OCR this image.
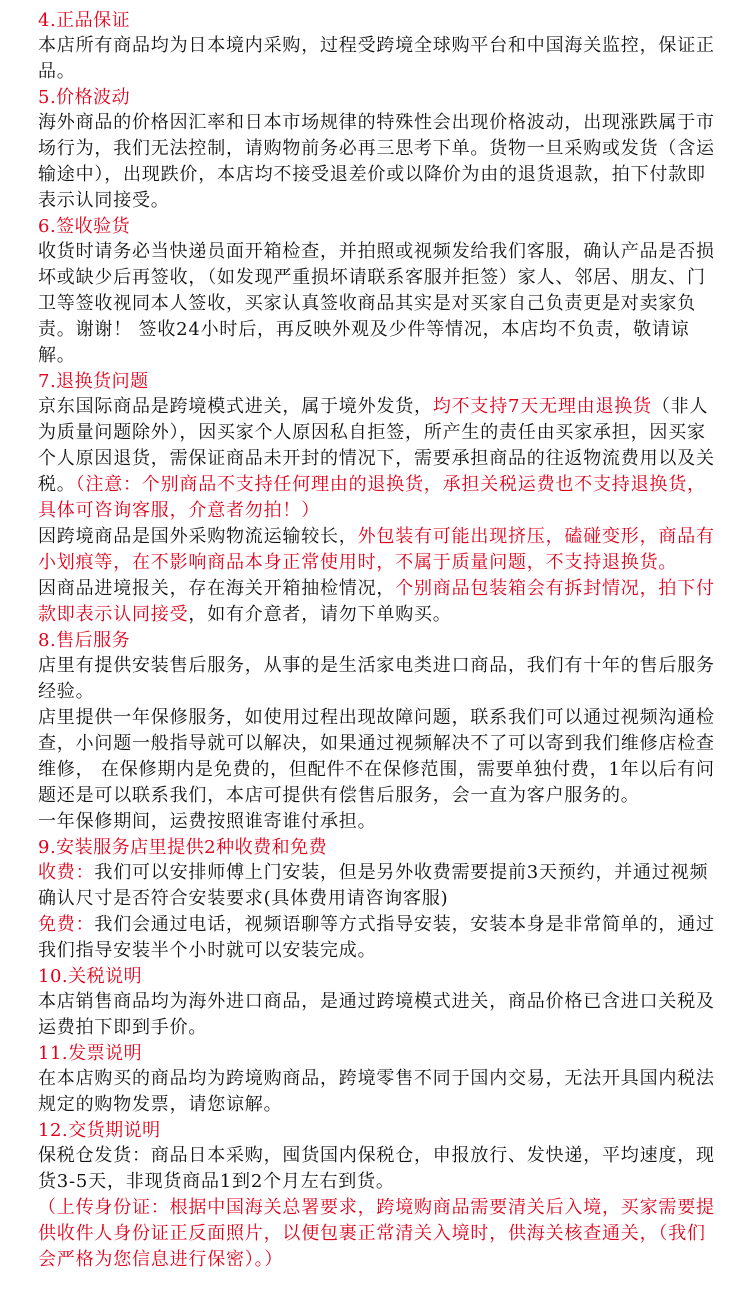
4.正品保证
本店所有商品均为日本境内采购，过程受跨境全球购平台和中国海关监控，保证正品。
5.价格波动
海外商品的价格因汇率和日本市场规律的特殊性会出现价格波动，出现涨跌属于市场行为，我们无法控制，请购物前务必再三思考下单。货物一旦采购或发货（含运输途中），出现跌价，本店均不接受退差价或以降价为由的退货退款，拍下付款即表示认同接受。
6.签收验货
收货时请务必当快递员面开箱检查，并拍照或视频发给我们客服，确认产品是否损坏或缺少后再签收，（如发现严重损坏请联系客服并拒签）家人、邻居、朋友、门卫等签收视同本人签收，买家认真签收商品其实是对买家自己负责更是对卖家负责。谢谢！ 签收24小时后，再反映外观及少件等情况，本店均不负责，敬请谅解。
7.退换货问题
京东国际商品是跨境模式进关，属于境外发货，均不支持7天无理由退换货（非人为质量问题除外），因买家个人原因私自拒签，所产生的责任由买家承担，因买家个人原因退货，需保证商品未开封的情况下，需要承担商品的往返物流费用以及关税。（注意：个别商品不支持任何理由的退换货，承担关税运费也不支持退换货，具体可咨询客服，介意者勿拍！）
因跨境商品是国外采购物流运输较长，外包装有可能出现挤压，磕碰变形，商品有小划痕等，在不影响商品本身正常使用时，不属于质量问题，不支持退换货。
因商品进境报关，存在海关开箱抽检情况，个别商品包装箱会有拆封情况，拍下付款即表示认同接受，如有介意者，请勿下单购买。
8.售后服务
店里有提供安装售后服务，从事的是生活家电类进口商品，我们有十年的售后服务经验。
店里提供一年保修服务，如使用过程出现故障问题，联系我们可以通过视频沟通检查，小问题一般指导就可以解决，如果通过视频解决不了可以寄到我们维修店检查维修， 在保修期内是免费的，但配件不在保修范围，需要单独付费，1年以后有问题还是可以联系我们，本店可提供有偿售后服务，会一直为客户服务的。
一年保修期间，运费按照谁寄谁付承担。
9.安装服务店里提供2种收费和免费
收费：我们可以安排师傅上门安装，但是另外收费需要提前3天预约，并通过视频确认尺寸是否符合安装要求(具体费用请咨询客服)
免费：我们会通过电话，视频语聊等方式指导安装，安装本身是非常简单的，通过我们指导安装半个小时就可以安装完成。
10.关税说明
本店销售商品均为海外进口商品，是通过跨境模式进关，商品价格已含进口关税及运费拍下即到手价。
11.发票说明
在本店购买的商品均为跨境购商品，跨境零售不同于国内交易，无法开具国内税法规定的购物发票，请您谅解。
12.交货期说明
保税仓发货：商品日本采购，囤货国内保税仓，申报放行、发快递，平均速度，现货3-5天，非现货商品1到2个月左右到货。
（上传身份证：根据中国海关总署要求，跨境购商品需要清关后入境，买家需要提供收件人身份证正反面照片，以便包裹正常清关入境时，供海关核查通关，（我们会严格为您信息进行保密）。）
